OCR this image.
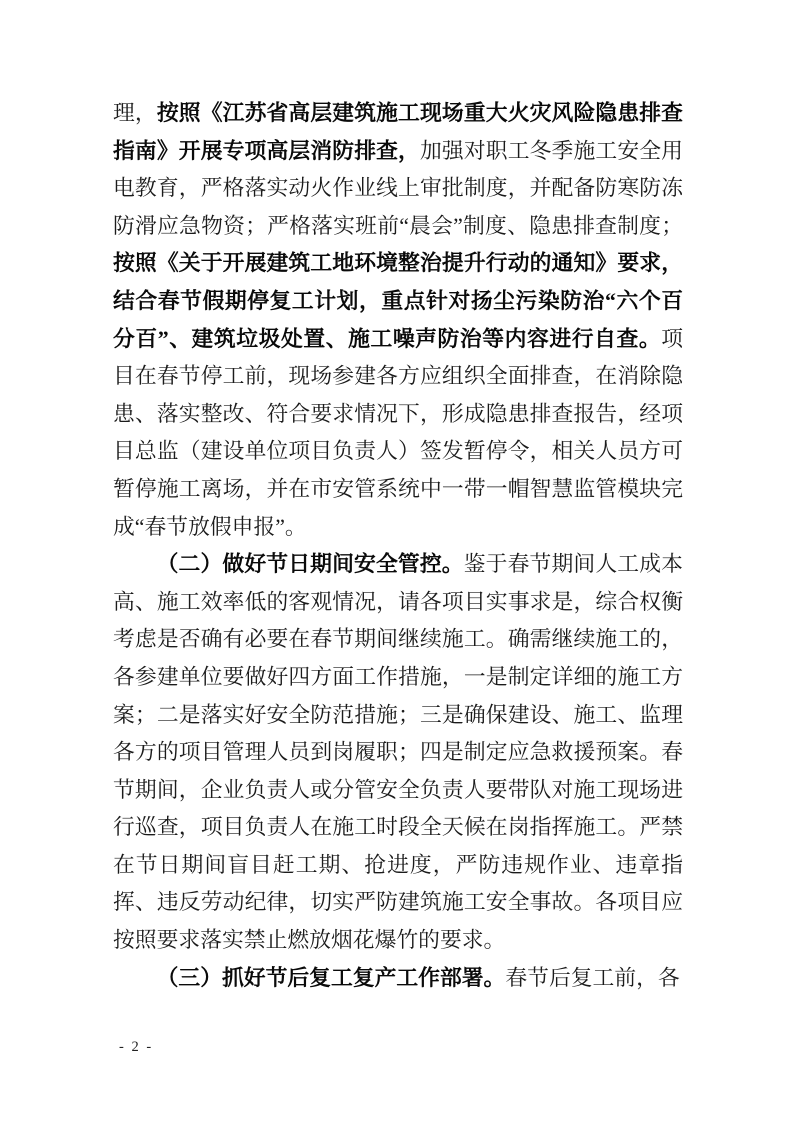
理，按照《江苏省高层建筑施工现场重大火灾风险隐患排查指南》开展专项高层消防排查，加强对职工冬季施工安全用电教育，严格落实动火作业线上审批制度，并配备防寒防冻防滑应急物资；严格落实班前“晨会”制度、隐患排查制度；按照《关于开展建筑工地环境整治提升行动的通知》要求，结合春节假期停复工计划，重点针对扬尘污染防治“六个百分百”、建筑垃圾处置、施工噪声防治等内容进行自查。项目在春节停工前，现场参建各方应组织全面排查，在消除隐患、落实整改、符合要求情况下，形成隐患排查报告，经项目总监（建设单位项目负责人）签发暂停令，相关人员方可暂停施工离场，并在市安管系统中一带一帽智慧监管模块完成“春节放假申报”。

（二）做好节日期间安全管控。鉴于春节期间人工成本高、施工效率低的客观情况，请各项目实事求是，综合权衡考虑是否确有必要在春节期间继续施工。确需继续施工的，各参建单位要做好四方面工作措施，一是制定详细的施工方案；二是落实好安全防范措施；三是确保建设、施工、监理各方的项目管理人员到岗履职；四是制定应急救援预案。春节期间，企业负责人或分管安全负责人要带队对施工现场进行巡查，项目负责人在施工时段全天候在岗指挥施工。严禁在节日期间盲目赶工期、抢进度，严防违规作业、违章指挥、违反劳动纪律，切实严防建筑施工安全事故。各项目应按照要求落实禁止燃放烟花爆竹的要求。

（三）抓好节后复工复产工作部署。春节后复工前，各

- 2 -
